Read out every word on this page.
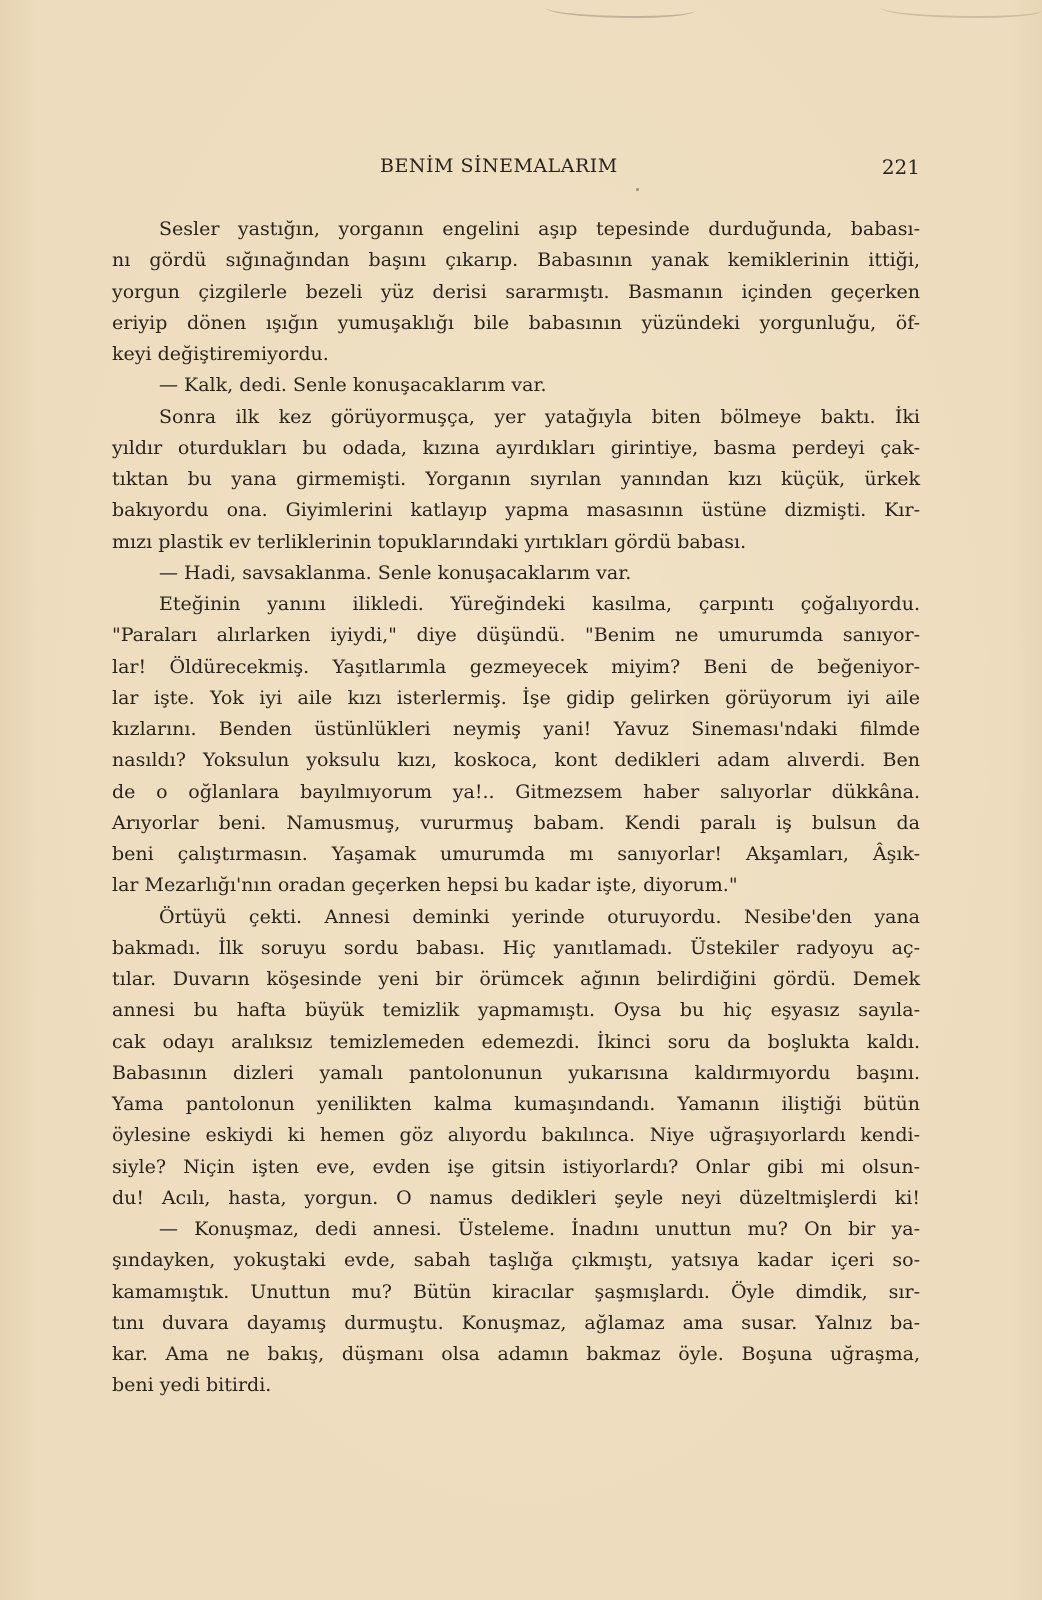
BENİM SİNEMALARIM	221
Sesler yastığın, yorganın engelini aşıp tepesinde durduğunda, babası-
nı gördü sığınağından başını çıkarıp. Babasının yanak kemiklerinin ittiği,
yorgun çizgilerle bezeli yüz derisi sararmıştı. Basmanın içinden geçerken
eriyip dönen ışığın yumuşaklığı bile babasının yüzündeki yorgunluğu, öf-
keyi değiştiremiyordu.
— Kalk, dedi. Senle konuşacaklarım var.
Sonra ilk kez görüyormuşça, yer yatağıyla biten bölmeye baktı. İki
yıldır oturdukları bu odada, kızına ayırdıkları girintiye, basma perdeyi çak-
tıktan bu yana girmemişti. Yorganın sıyrılan yanından kızı küçük, ürkek
bakıyordu ona. Giyimlerini katlayıp yapma masasının üstüne dizmişti. Kır-
mızı plastik ev terliklerinin topuklarındaki yırtıkları gördü babası.
— Hadi, savsaklanma. Senle konuşacaklarım var.
Eteğinin yanını ilikledi. Yüreğindeki kasılma, çarpıntı çoğalıyordu.
"Paraları alırlarken iyiydi," diye düşündü. "Benim ne umurumda sanıyor-
lar! Öldürecekmiş. Yaşıtlarımla gezmeyecek miyim? Beni de beğeniyor-
lar işte. Yok iyi aile kızı isterlermiş. İşe gidip gelirken görüyorum iyi aile
kızlarını. Benden üstünlükleri neymiş yani! Yavuz Sineması'ndaki filmde
nasıldı? Yoksulun yoksulu kızı, koskoca, kont dedikleri adam alıverdi. Ben
de o oğlanlara bayılmıyorum ya!.. Gitmezsem haber salıyorlar dükkâna.
Arıyorlar beni. Namusmuş, vururmuş babam. Kendi paralı iş bulsun da
beni çalıştırmasın. Yaşamak umurumda mı sanıyorlar! Akşamları, Âşık-
lar Mezarlığı'nın oradan geçerken hepsi bu kadar işte, diyorum."
Örtüyü çekti. Annesi deminki yerinde oturuyordu. Nesibe'den yana
bakmadı. İlk soruyu sordu babası. Hiç yanıtlamadı. Üstekiler radyoyu aç-
tılar. Duvarın köşesinde yeni bir örümcek ağının belirdiğini gördü. Demek
annesi bu hafta büyük temizlik yapmamıştı. Oysa bu hiç eşyasız sayıla-
cak odayı aralıksız temizlemeden edemezdi. İkinci soru da boşlukta kaldı.
Babasının dizleri yamalı pantolonunun yukarısına kaldırmıyordu başını.
Yama pantolonun yenilikten kalma kumaşındandı. Yamanın iliştiği bütün
öylesine eskiydi ki hemen göz alıyordu bakılınca. Niye uğraşıyorlardı kendi-
siyle? Niçin işten eve, evden işe gitsin istiyorlardı? Onlar gibi mi olsun-
du! Acılı, hasta, yorgun. O namus dedikleri şeyle neyi düzeltmişlerdi ki!
— Konuşmaz, dedi annesi. Üsteleme. İnadını unuttun mu? On bir ya-
şındayken, yokuştaki evde, sabah taşlığa çıkmıştı, yatsıya kadar içeri so-
kamamıştık. Unuttun mu? Bütün kiracılar şaşmışlardı. Öyle dimdik, sır-
tını duvara dayamış durmuştu. Konuşmaz, ağlamaz ama susar. Yalnız ba-
kar. Ama ne bakış, düşmanı olsa adamın bakmaz öyle. Boşuna uğraşma,
beni yedi bitirdi.
